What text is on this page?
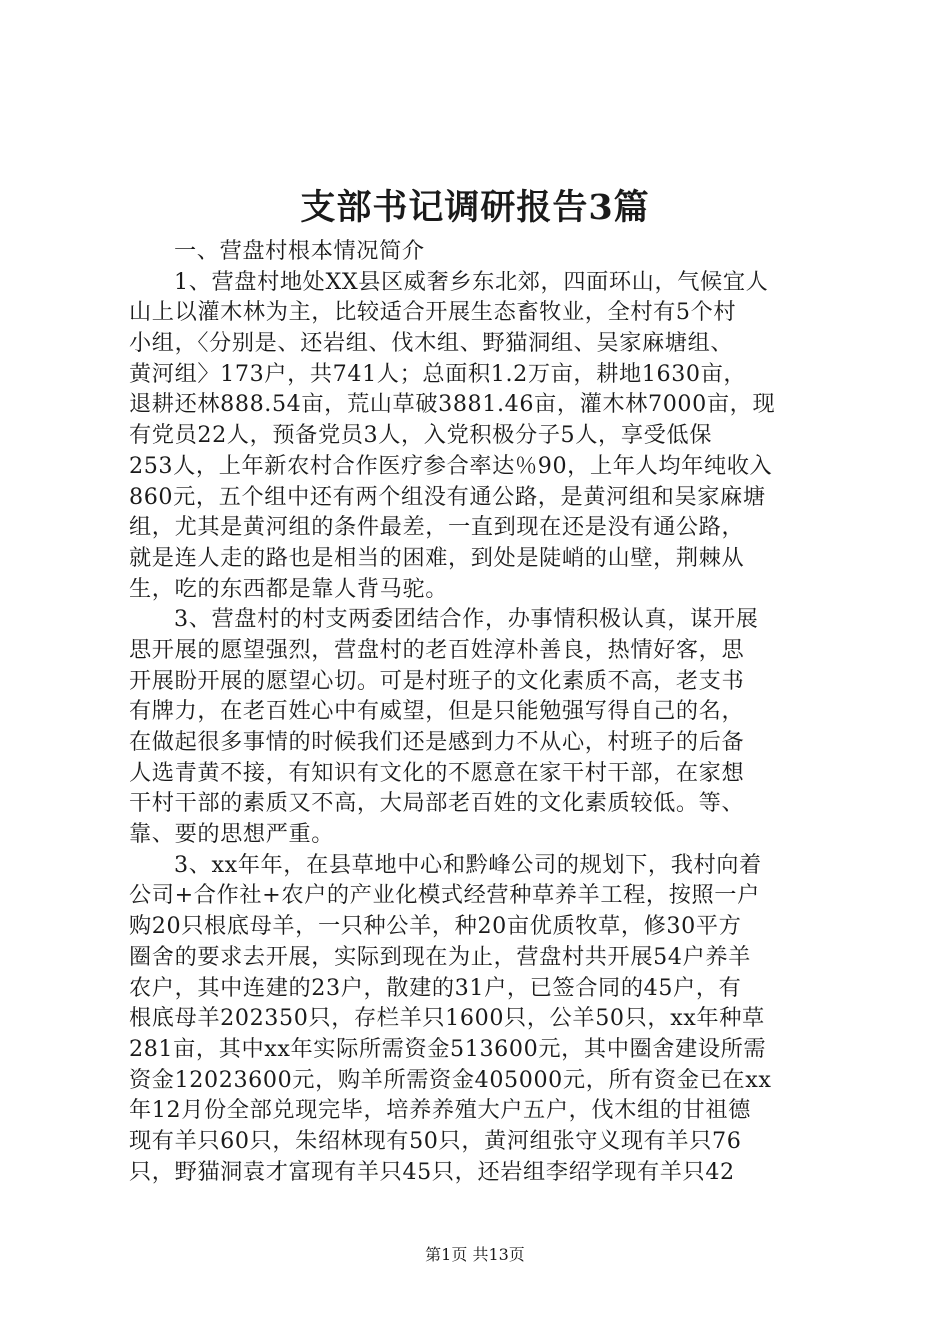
支部书记调研报告3篇
一、营盘村根本情况简介
1、营盘村地处XX县区威奢乡东北郊，四面环山，气候宜人
山上以灌木林为主，比较适合开展生态畜牧业，全村有5个村
小组，〈分别是、还岩组、伐木组、野猫洞组、吴家麻塘组、
黄河组〉173户，共741人；总面积1.2万亩，耕地1630亩，
退耕还林888.54亩，荒山草破3881.46亩，灌木林7000亩，现
有党员22人，预备党员3人，入党积极分子5人，享受低保
253人，上年新农村合作医疗参合率达％90，上年人均年纯收入
860元，五个组中还有两个组没有通公路，是黄河组和吴家麻塘
组，尤其是黄河组的条件最差，一直到现在还是没有通公路，
就是连人走的路也是相当的困难，到处是陡峭的山壁，荆棘从
生，吃的东西都是靠人背马驼。
3、营盘村的村支两委团结合作，办事情积极认真，谋开展
思开展的愿望强烈，营盘村的老百姓淳朴善良，热情好客，思
开展盼开展的愿望心切。可是村班子的文化素质不高，老支书
有牌力，在老百姓心中有威望，但是只能勉强写得自己的名，
在做起很多事情的时候我们还是感到力不从心，村班子的后备
人选青黄不接，有知识有文化的不愿意在家干村干部，在家想
干村干部的素质又不高，大局部老百姓的文化素质较低。等、
靠、要的思想严重。
3、xx年年，在县草地中心和黔峰公司的规划下，我村向着
公司+合作社+农户的产业化模式经营种草养羊工程，按照一户
购20只根底母羊，一只种公羊，种20亩优质牧草，修30平方
圈舍的要求去开展，实际到现在为止，营盘村共开展54户养羊
农户，其中连建的23户，散建的31户，已签合同的45户，有
根底母羊202350只，存栏羊只1600只，公羊50只，xx年种草
281亩，其中xx年实际所需资金513600元，其中圈舍建设所需
资金12023600元，购羊所需资金405000元，所有资金已在xx
年12月份全部兑现完毕，培养养殖大户五户，伐木组的甘祖德
现有羊只60只，朱绍林现有50只，黄河组张守义现有羊只76
只，野猫洞袁才富现有羊只45只，还岩组李绍学现有羊只42
第1页 共13页
